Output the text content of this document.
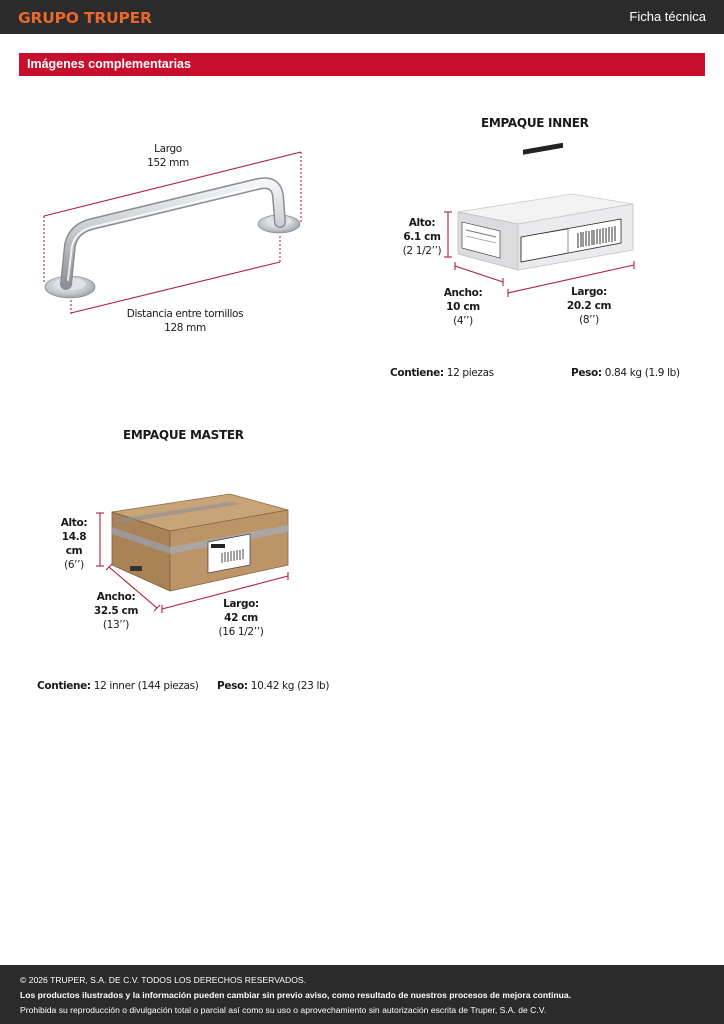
GRUPO TRUPER	Ficha técnica
Imágenes complementarias
Largo
152 mm
Distancia entre tornillos
128 mm
EMPAQUE INNER
Alto:
6.1 cm
(2 1/2’’)
Ancho:
10 cm
(4’’)
Largo:
20.2 cm
(8’’)
Contiene: 12 piezas	Peso: 0.84 kg (1.9 lb)
EMPAQUE MASTER
Alto:
14.8 cm
(6’’)
Ancho:
32.5 cm
(13’’)
Largo:
42 cm
(16 1/2’’)
Contiene: 12 inner (144 piezas) Peso: 10.42 kg (23 lb)
© 2026 TRUPER, S.A. DE C.V. TODOS LOS DERECHOS RESERVADOS.
Los productos ilustrados y la información pueden cambiar sin previo aviso, como resultado de nuestros procesos de mejora continua.
Prohibida su reproducción o divulgación total o parcial así como su uso o aprovechamiento sin autorización escrita de Truper, S.A. de C.V.
